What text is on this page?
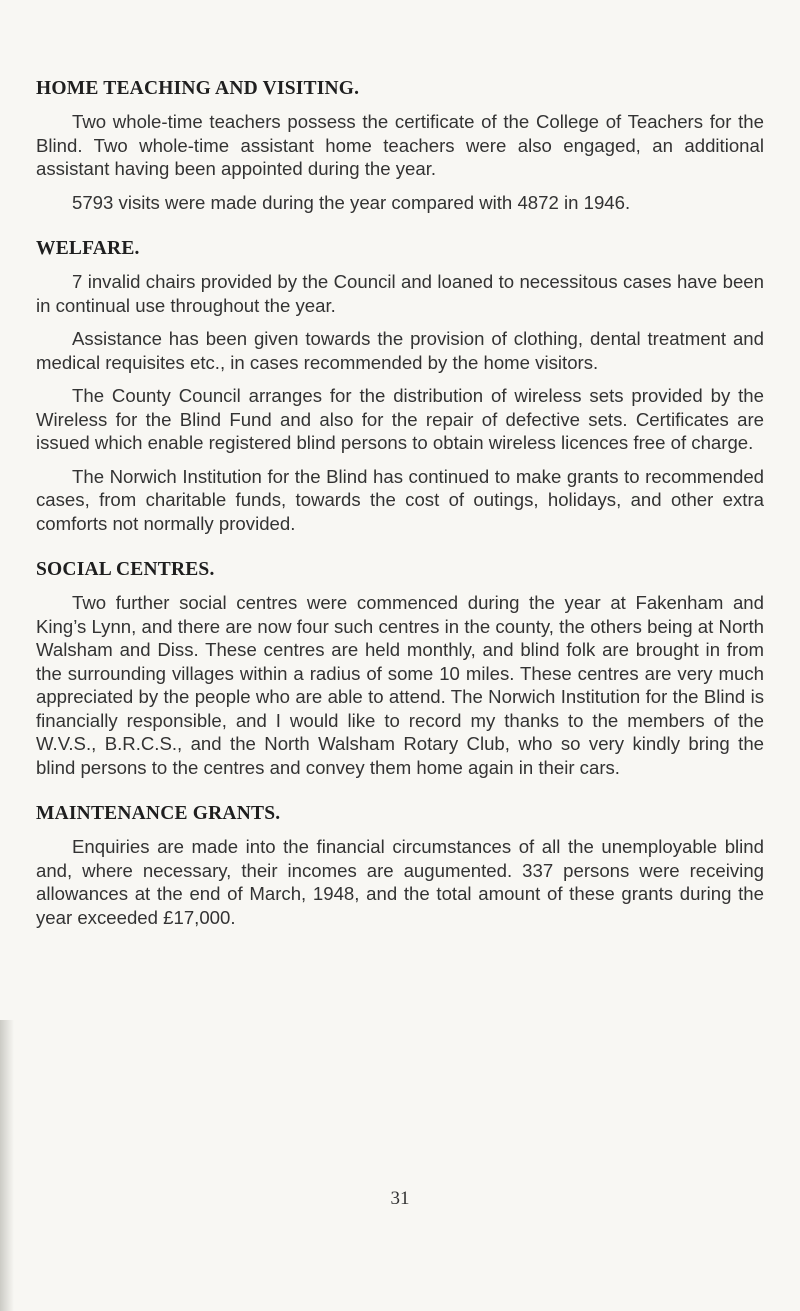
HOME TEACHING AND VISITING.

Two whole-time teachers possess the certificate of the College of Teachers for the Blind. Two whole-time assistant home teachers were also engaged, an additional assistant having been appointed during the year.

5793 visits were made during the year compared with 4872 in 1946.

WELFARE.

7 invalid chairs provided by the Council and loaned to necessitous cases have been in continual use throughout the year.

Assistance has been given towards the provision of clothing, dental treatment and medical requisites etc., in cases recommended by the home visitors.

The County Council arranges for the distribution of wireless sets provided by the Wireless for the Blind Fund and also for the repair of defective sets. Certificates are issued which enable registered blind persons to obtain wireless licences free of charge.

The Norwich Institution for the Blind has continued to make grants to recommended cases, from charitable funds, towards the cost of outings, holidays, and other extra comforts not normally provided.

SOCIAL CENTRES.

Two further social centres were commenced during the year at Fakenham and King’s Lynn, and there are now four such centres in the county, the others being at North Walsham and Diss. These centres are held monthly, and blind folk are brought in from the surrounding villages within a radius of some 10 miles. These centres are very much appreciated by the people who are able to attend. The Norwich Institution for the Blind is financially responsible, and I would like to record my thanks to the members of the W.V.S., B.R.C.S., and the North Walsham Rotary Club, who so very kindly bring the blind persons to the centres and convey them home again in their cars.

MAINTENANCE GRANTS.

Enquiries are made into the financial circumstances of all the unemployable blind and, where necessary, their incomes are augumented. 337 persons were receiving allowances at the end of March, 1948, and the total amount of these grants during the year exceeded £17,000.

31
